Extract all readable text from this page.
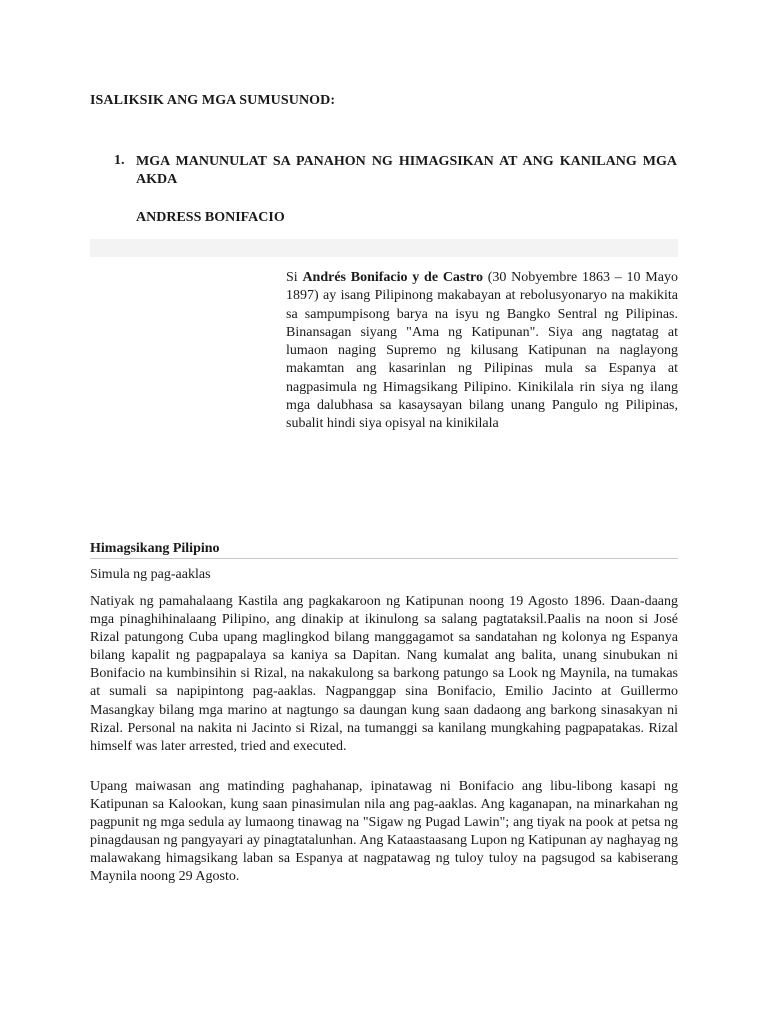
ISALIKSIK ANG MGA SUMUSUNOD:
1. MGA MANUNULAT SA PANAHON NG HIMAGSIKAN AT ANG KANILANG MGA AKDA
ANDRESS BONIFACIO
Si Andrés Bonifacio y de Castro (30 Nobyembre 1863 – 10 Mayo 1897) ay isang Pilipinong makabayan at rebolusyonaryo na makikita sa sampumpisong barya na isyu ng Bangko Sentral ng Pilipinas. Binansagan siyang "Ama ng Katipunan". Siya ang nagtatag at lumaon naging Supremo ng kilusang Katipunan na naglayong makamtan ang kasarinlan ng Pilipinas mula sa Espanya at nagpasimula ng Himagsikang Pilipino. Kinikilala rin siya ng ilang mga dalubhasa sa kasaysayan bilang unang Pangulo ng Pilipinas, subalit hindi siya opisyal na kinikilala
Himagsikang Pilipino
Simula ng pag-aaklas
Natiyak ng pamahalaang Kastila ang pagkakaroon ng Katipunan noong 19 Agosto 1896. Daan-daang mga pinaghihinalaang Pilipino, ang dinakip at ikinulong sa salang pagtataksil.Paalis na noon si José Rizal patungong Cuba upang maglingkod bilang manggagamot sa sandatahan ng kolonya ng Espanya bilang kapalit ng pagpapalaya sa kaniya sa Dapitan. Nang kumalat ang balita, unang sinubukan ni Bonifacio na kumbinsihin si Rizal, na nakakulong sa barkong patungo sa Look ng Maynila, na tumakas at sumali sa napipintong pag-aaklas. Nagpanggap sina Bonifacio, Emilio Jacinto at Guillermo Masangkay bilang mga marino at nagtungo sa daungan kung saan dadaong ang barkong sinasakyan ni Rizal. Personal na nakita ni Jacinto si Rizal, na tumanggi sa kanilang mungkahing pagpapatakas. Rizal himself was later arrested, tried and executed.
Upang maiwasan ang matinding paghahanap, ipinatawag ni Bonifacio ang libu-libong kasapi ng Katipunan sa Kalookan, kung saan pinasimulan nila ang pag-aaklas. Ang kaganapan, na minarkahan ng pagpunit ng mga sedula ay lumaong tinawag na "Sigaw ng Pugad Lawin"; ang tiyak na pook at petsa ng pinagdausan ng pangyayari ay pinagtatalunhan. Ang Kataastaasang Lupon ng Katipunan ay naghayag ng malawakang himagsikang laban sa Espanya at nagpatawag ng tuloy tuloy na pagsugod sa kabiserang Maynila noong 29 Agosto.
